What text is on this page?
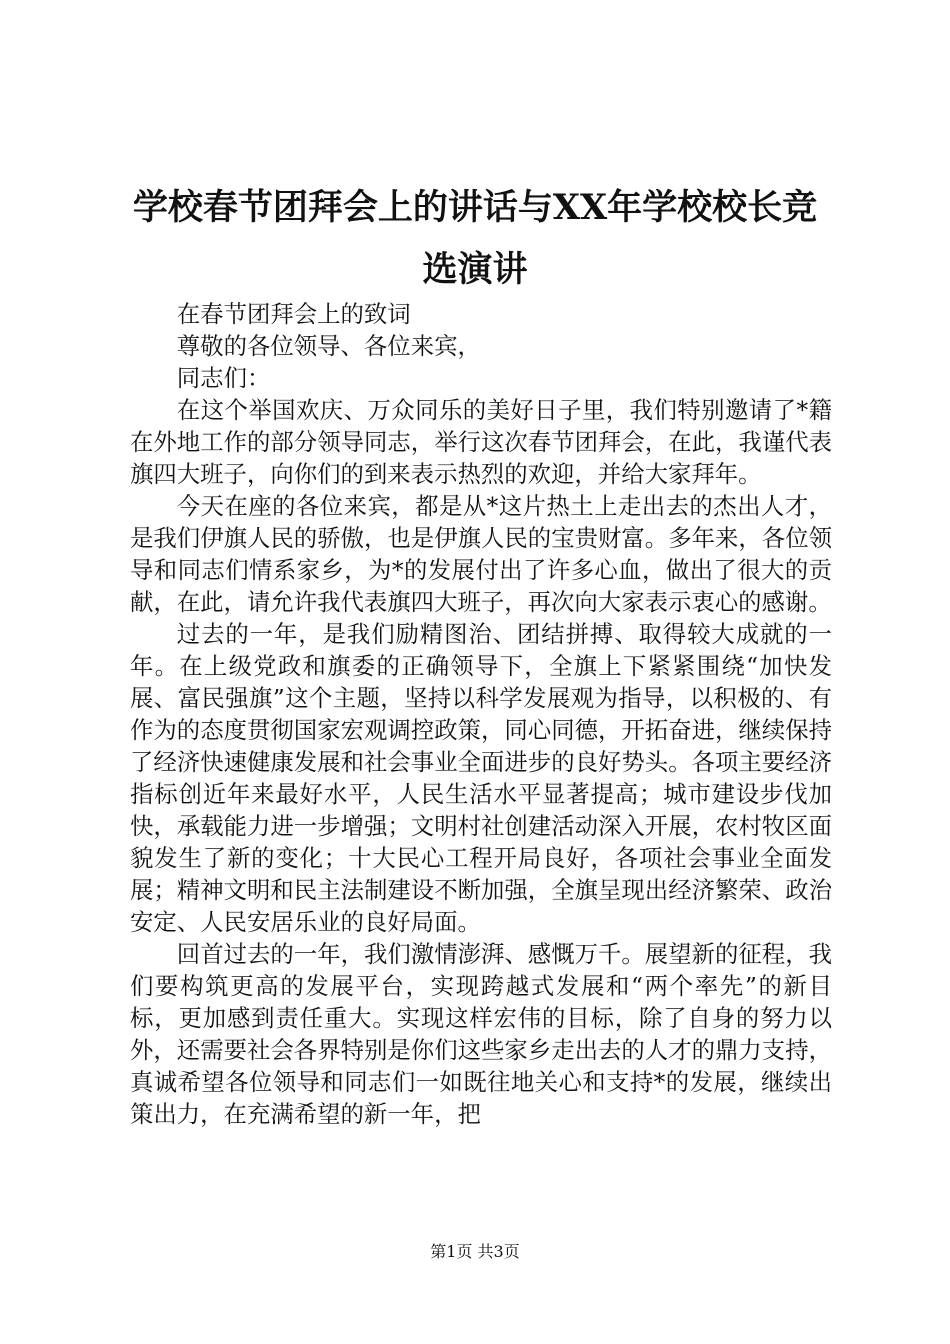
学校春节团拜会上的讲话与XX年学校校长竞
选演讲

在春节团拜会上的致词

尊敬的各位领导、各位来宾，

同志们：

在这个举国欢庆、万众同乐的美好日子里，我们特别邀请了*籍在外地工作的部分领导同志，举行这次春节团拜会，在此，我谨代表旗四大班子，向你们的到来表示热烈的欢迎，并给大家拜年。

今天在座的各位来宾，都是从*这片热土上走出去的杰出人才，是我们伊旗人民的骄傲，也是伊旗人民的宝贵财富。多年来，各位领导和同志们情系家乡，为*的发展付出了许多心血，做出了很大的贡献，在此，请允许我代表旗四大班子，再次向大家表示衷心的感谢。

过去的一年，是我们励精图治、团结拼搏、取得较大成就的一年。在上级党政和旗委的正确领导下，全旗上下紧紧围绕“加快发展、富民强旗”这个主题，坚持以科学发展观为指导，以积极的、有作为的态度贯彻国家宏观调控政策，同心同德，开拓奋进，继续保持了经济快速健康发展和社会事业全面进步的良好势头。各项主要经济指标创近年来最好水平，人民生活水平显著提高；城市建设步伐加快，承载能力进一步增强；文明村社创建活动深入开展，农村牧区面貌发生了新的变化；十大民心工程开局良好，各项社会事业全面发展；精神文明和民主法制建设不断加强，全旗呈现出经济繁荣、政治安定、人民安居乐业的良好局面。

回首过去的一年，我们激情澎湃、感慨万千。展望新的征程，我们要构筑更高的发展平台，实现跨越式发展和“两个率先”的新目标，更加感到责任重大。实现这样宏伟的目标，除了自身的努力以外，还需要社会各界特别是你们这些家乡走出去的人才的鼎力支持，真诚希望各位领导和同志们一如既往地关心和支持*的发展，继续出策出力，在充满希望的新一年，把

第1页 共3页
